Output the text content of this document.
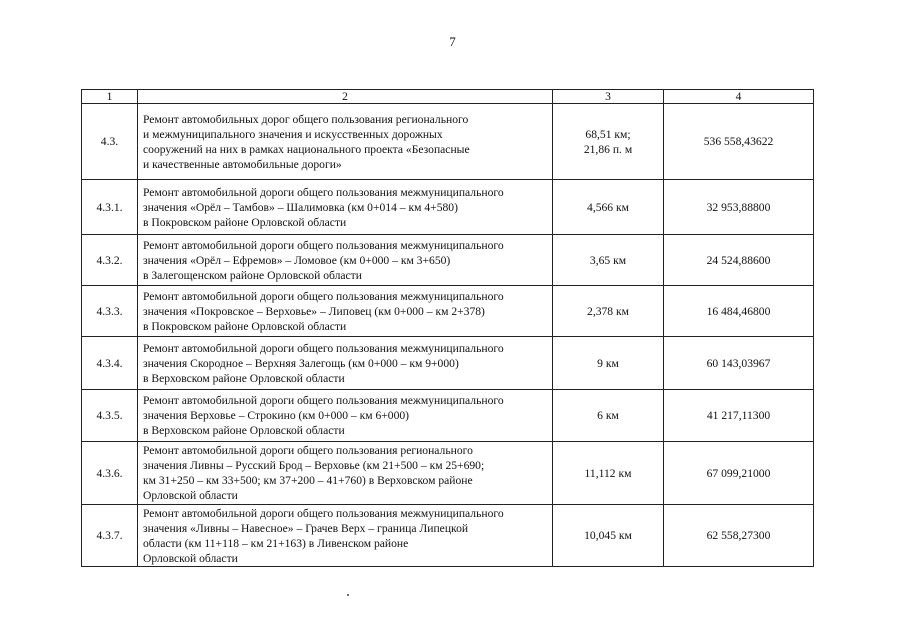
7
1	2	3	4
4.3.	Ремонт автомобильных дорог общего пользования регионального
и межмуниципального значения и искусственных дорожных
сооружений на них в рамках национального проекта «Безопасные
и качественные автомобильные дороги»	68,51 км;
21,86 п. м	536 558,43622
4.3.1.	Ремонт автомобильной дороги общего пользования межмуниципального
значения «Орёл – Тамбов» – Шалимовка (км 0+014 – км 4+580)
в Покровском районе Орловской области	4,566 км	32 953,88800
4.3.2.	Ремонт автомобильной дороги общего пользования межмуниципального
значения «Орёл – Ефремов» – Ломовое (км 0+000 – км 3+650)
в Залегощенском районе Орловской области	3,65 км	24 524,88600
4.3.3.	Ремонт автомобильной дороги общего пользования межмуниципального
значения «Покровское – Верховье» – Липовец (км 0+000 – км 2+378)
в Покровском районе Орловской области	2,378 км	16 484,46800
4.3.4.	Ремонт автомобильной дороги общего пользования межмуниципального
значения Скородное – Верхняя Залегощь (км 0+000 – км 9+000)
в Верховском районе Орловской области	9 км	60 143,03967
4.3.5.	Ремонт автомобильной дороги общего пользования межмуниципального
значения Верховье – Строкино (км 0+000 – км 6+000)
в Верховском районе Орловской области	6 км	41 217,11300
4.3.6.	Ремонт автомобильной дороги общего пользования регионального
значения Ливны – Русский Брод – Верховье (км 21+500 – км 25+690;
км 31+250 – км 33+500; км 37+200 – 41+760) в Верховском районе
Орловской области	11,112 км	67 099,21000
4.3.7.	Ремонт автомобильной дороги общего пользования межмуниципального
значения «Ливны – Навесное» – Грачев Верх – граница Липецкой
области (км 11+118 – км 21+163) в Ливенском районе
Орловской области	10,045 км	62 558,27300
